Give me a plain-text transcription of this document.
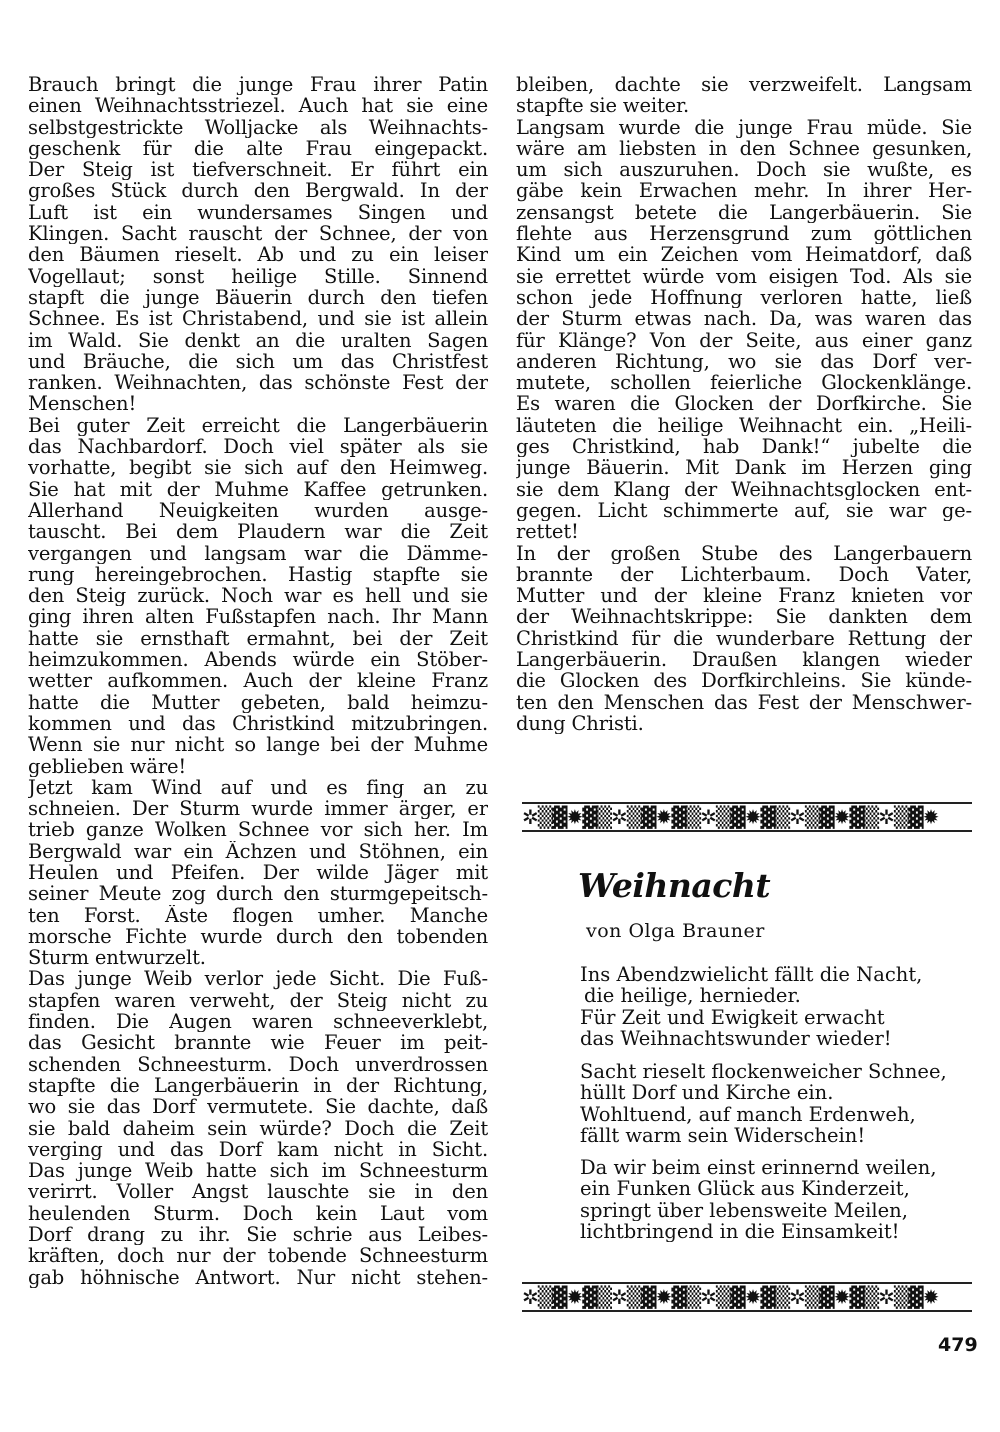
Brauch bringt die junge Frau ihrer Patin
einen Weihnachtsstriezel. Auch hat sie eine
selbstgestrickte Wolljacke als Weihnachts-
geschenk für die alte Frau eingepackt.
Der Steig ist tiefverschneit. Er führt ein
großes Stück durch den Bergwald. In der
Luft ist ein wundersames Singen und
Klingen. Sacht rauscht der Schnee, der von
den Bäumen rieselt. Ab und zu ein leiser
Vogellaut; sonst heilige Stille. Sinnend
stapft die junge Bäuerin durch den tiefen
Schnee. Es ist Christabend, und sie ist allein
im Wald. Sie denkt an die uralten Sagen
und Bräuche, die sich um das Christfest
ranken. Weihnachten, das schönste Fest der
Menschen!
Bei guter Zeit erreicht die Langerbäuerin
das Nachbardorf. Doch viel später als sie
vorhatte, begibt sie sich auf den Heimweg.
Sie hat mit der Muhme Kaffee getrunken.
Allerhand Neuigkeiten wurden ausge-
tauscht. Bei dem Plaudern war die Zeit
vergangen und langsam war die Dämme-
rung hereingebrochen. Hastig stapfte sie
den Steig zurück. Noch war es hell und sie
ging ihren alten Fußstapfen nach. Ihr Mann
hatte sie ernsthaft ermahnt, bei der Zeit
heimzukommen. Abends würde ein Stöber-
wetter aufkommen. Auch der kleine Franz
hatte die Mutter gebeten, bald heimzu-
kommen und das Christkind mitzubringen.
Wenn sie nur nicht so lange bei der Muhme
geblieben wäre!
Jetzt kam Wind auf und es fing an zu
schneien. Der Sturm wurde immer ärger, er
trieb ganze Wolken Schnee vor sich her. Im
Bergwald war ein Ächzen und Stöhnen, ein
Heulen und Pfeifen. Der wilde Jäger mit
seiner Meute zog durch den sturmgepeitsch-
ten Forst. Äste flogen umher. Manche
morsche Fichte wurde durch den tobenden
Sturm entwurzelt.
Das junge Weib verlor jede Sicht. Die Fuß-
stapfen waren verweht, der Steig nicht zu
finden. Die Augen waren schneeverklebt,
das Gesicht brannte wie Feuer im peit-
schenden Schneesturm. Doch unverdrossen
stapfte die Langerbäuerin in der Richtung,
wo sie das Dorf vermutete. Sie dachte, daß
sie bald daheim sein würde? Doch die Zeit
verging und das Dorf kam nicht in Sicht.
Das junge Weib hatte sich im Schneesturm
verirrt. Voller Angst lauschte sie in den
heulenden Sturm. Doch kein Laut vom
Dorf drang zu ihr. Sie schrie aus Leibes-
kräften, doch nur der tobende Schneesturm
gab höhnische Antwort. Nur nicht stehen-
bleiben, dachte sie verzweifelt. Langsam
stapfte sie weiter.
Langsam wurde die junge Frau müde. Sie
wäre am liebsten in den Schnee gesunken,
um sich auszuruhen. Doch sie wußte, es
gäbe kein Erwachen mehr. In ihrer Her-
zensangst betete die Langerbäuerin. Sie
flehte aus Herzensgrund zum göttlichen
Kind um ein Zeichen vom Heimatdorf, daß
sie errettet würde vom eisigen Tod. Als sie
schon jede Hoffnung verloren hatte, ließ
der Sturm etwas nach. Da, was waren das
für Klänge? Von der Seite, aus einer ganz
anderen Richtung, wo sie das Dorf ver-
mutete, schollen feierliche Glockenklänge.
Es waren die Glocken der Dorfkirche. Sie
läuteten die heilige Weihnacht ein. „Heili-
ges Christkind, hab Dank!“ jubelte die
junge Bäuerin. Mit Dank im Herzen ging
sie dem Klang der Weihnachtsglocken ent-
gegen. Licht schimmerte auf, sie war ge-
rettet!
In der großen Stube des Langerbauern
brannte der Lichterbaum. Doch Vater,
Mutter und der kleine Franz knieten vor
der Weihnachtskrippe: Sie dankten dem
Christkind für die wunderbare Rettung der
Langerbäuerin. Draußen klangen wieder
die Glocken des Dorfkirchleins. Sie künde-
ten den Menschen das Fest der Menschwer-
dung Christi.
✲▒▓✹▓▒✲▒▓✹▓▒✲▒▓✹▓▒✲▒▓✹▓▒✲▒▓✹
Weihnacht
von Olga Brauner
Ins Abendzwielicht fällt die Nacht,
die heilige, hernieder.
Für Zeit und Ewigkeit erwacht
das Weihnachtswunder wieder!
Sacht rieselt flockenweicher Schnee,
hüllt Dorf und Kirche ein.
Wohltuend, auf manch Erdenweh,
fällt warm sein Widerschein!
Da wir beim einst erinnernd weilen,
ein Funken Glück aus Kinderzeit,
springt über lebensweite Meilen,
lichtbringend in die Einsamkeit!
✲▒▓✹▓▒✲▒▓✹▓▒✲▒▓✹▓▒✲▒▓✹▓▒✲▒▓✹
479
